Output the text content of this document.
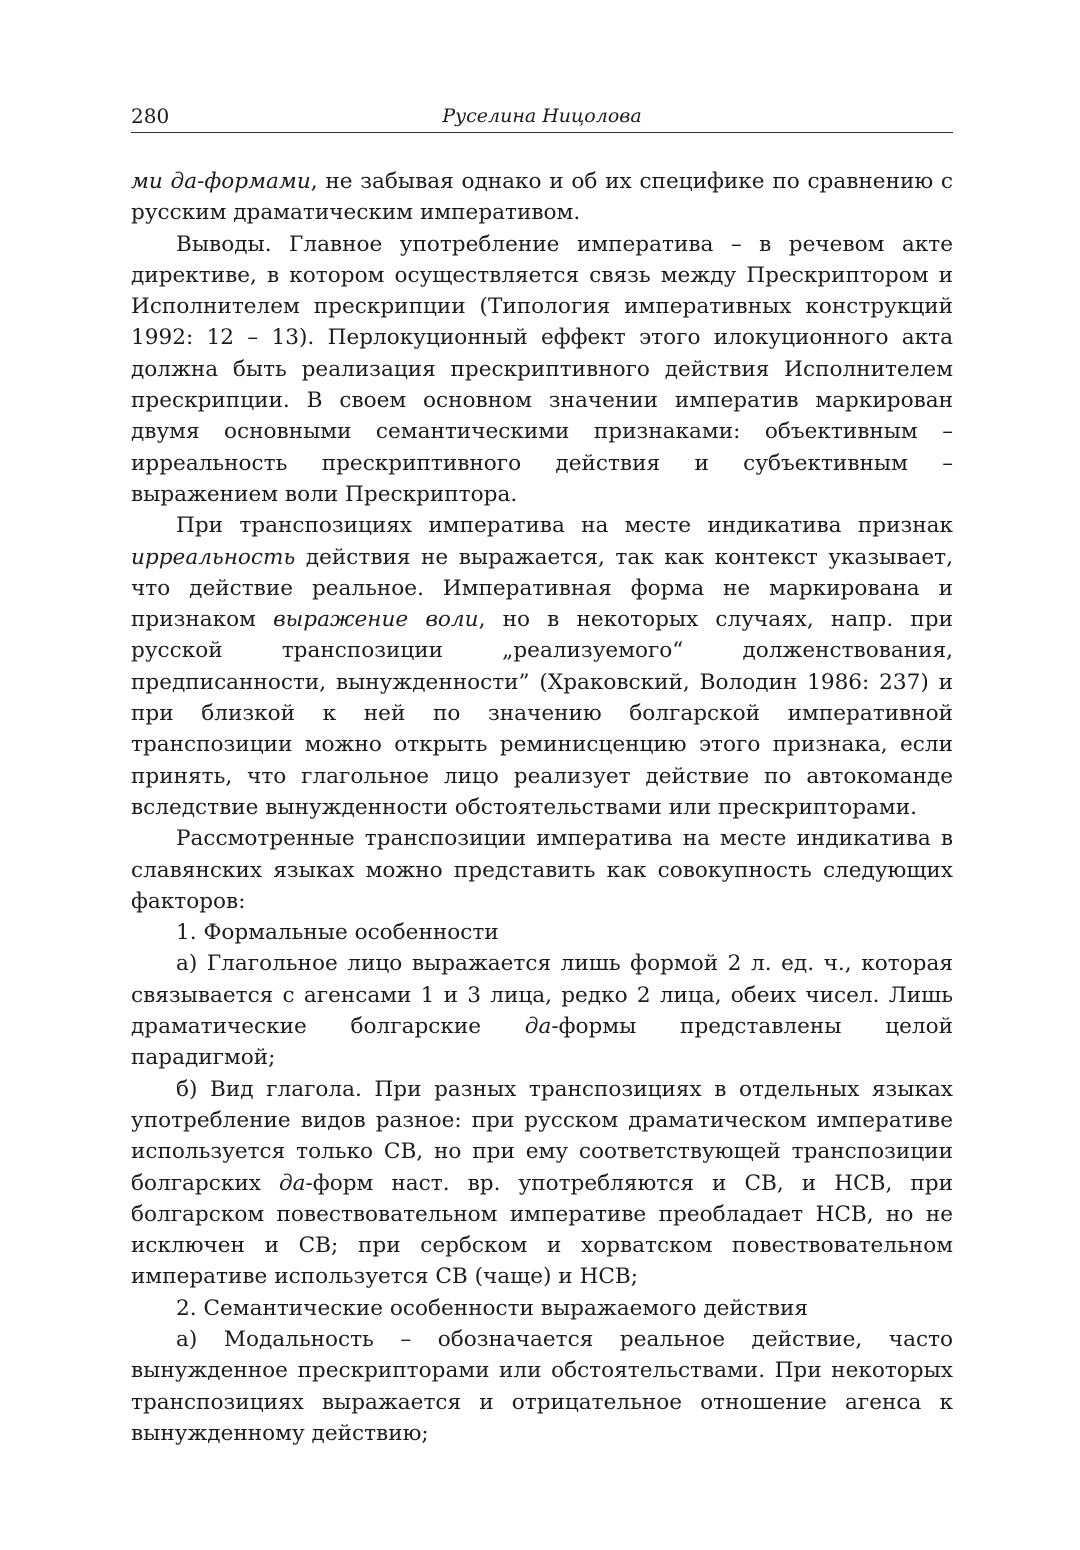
280	Руселина Ницолова

ми да-формами, не забывая однако и об их специфике по сравнению с русским драматическим императивом.

Выводы. Главное употребление императива – в речевом акте директиве, в котором осуществляется связь между Прескриптором и Исполнителем прескрипции (Типология императивных конструкций 1992: 12 – 13). Перлокуционный еффект этого илокуционного акта должна быть реализация прескриптивного действия Исполнителем прескрипции. В своем основном значении императив маркирован двумя основными семантическими признаками: объективным – ирреальность прескриптивного действия и субъективным – выражением воли Прескриптора.

При транспозициях императива на месте индикатива признак ирреальность действия не выражается, так как контекст указывает, что действие реальное. Императивная форма не маркирована и признаком выражение воли, но в некоторых случаях, напр. при русской транспозиции „реализуемого“ долженствования, предписанности, вынужденности” (Храковский, Володин 1986: 237) и при близкой к ней по значению болгарской императивной транспозиции можно открыть реминисценцию этого признака, если принять, что глагольное лицо реализует действие по автокоманде вследствие вынужденности обстоятельствами или прескрипторами.

Рассмотренные транспозиции императива на месте индикатива в славянских языках можно представить как совокупность следующих факторов:

1. Формальные особенности

а) Глагольное лицо выражается лишь формой 2 л. ед. ч., которая связывается с агенсами 1 и 3 лица, редко 2 лица, обеих чисел. Лишь драматические болгарские да-формы представлены целой парадигмой;

б) Вид глагола. При разных транспозициях в отдельных языках употребление видов разное: при русском драматическом императиве используется только СВ, но при ему соответствующей транспозиции болгарских да-форм наст. вр. употребляются и СВ, и НСВ, при болгарском повествовательном императиве преобладает НСВ, но не исключен и СВ; при сербском и хорватском повествовательном императиве используется СВ (чаще) и НСВ;

2. Семантические особенности выражаемого действия

а) Модальность – обозначается реальное действие, часто вынужденное прескрипторами или обстоятельствами. При некоторых транспозициях выражается и отрицательное отношение агенса к вынужденному действию;
